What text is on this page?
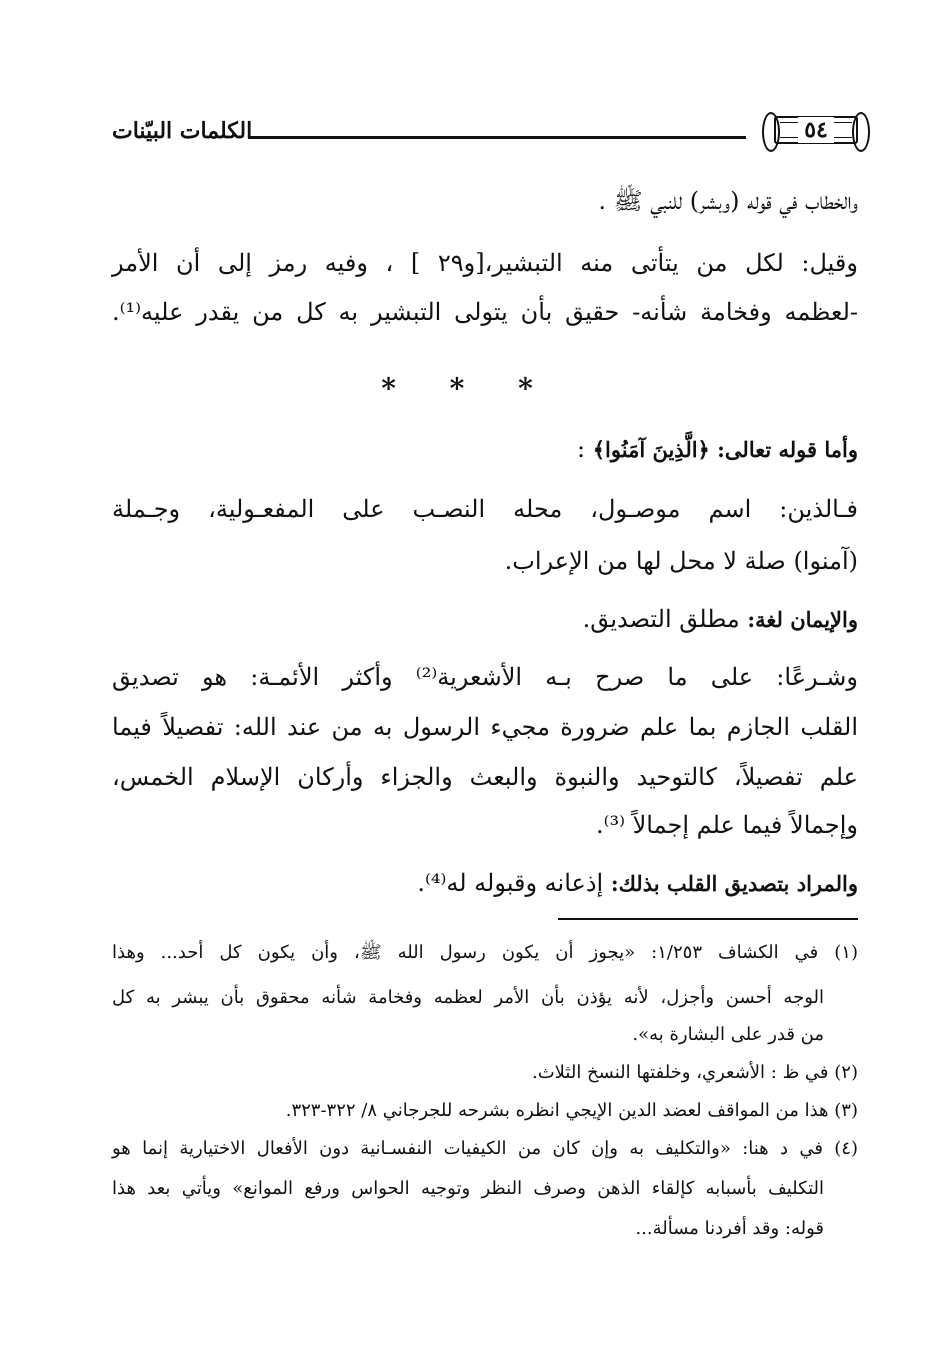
٥٤
الكلمات البيّنات
والخطاب في قوله (وبشر) للنبي ﷺ .
وقيل: لكل من يتأتى منه التبشير،[و٢٩ ] ، وفيه رمز إلى أن الأمر
-لعظمه وفخامة شأنه- حقيق بأن يتولى التبشير به كل من يقدر عليه⁽¹⁾.
* * *
وأما قوله تعالى: ﴿الَّذِينَ آمَنُوا﴾ :
فـالذين: اسم موصـول، محله النصـب على المفعـولية، وجـملة
(آمنوا) صلة لا محل لها من الإعراب.
والإيمان لغة: مطلق التصديق.
وشـرعًا: على ما صرح بـه الأشعرية⁽²⁾ وأكثر الأئمـة: هو تصديق
القلب الجازم بما علم ضرورة مجيء الرسول به من عند الله: تفصيلاً فيما
علم تفصيلاً، كالتوحيد والنبوة والبعث والجزاء وأركان الإسلام الخمس،
وإجمالاً فيما علم إجمالاً ⁽³⁾.
والمراد بتصديق القلب بذلك: إذعانه وقبوله له⁽⁴⁾.
(١) في الكشاف ١/٢٥٣: «يجوز أن يكون رسول الله ﷺ، وأن يكون كل أحد... وهذا
الوجه أحسن وأجزل، لأنه يؤذن بأن الأمر لعظمه وفخامة شأنه محقوق بأن يبشر به كل
من قدر على البشارة به».
(٢) في ظ : الأشعري، وخلفتها النسخ الثلاث.
(٣) هذا من المواقف لعضد الدين الإيجي انظره بشرحه للجرجاني ٨/ ٣٢٢-٣٢٣.
(٤) في د هنا: «والتكليف به وإن كان من الكيفيات النفسـانية دون الأفعال الاختيارية إنما هو
التكليف بأسبابه كإلقاء الذهن وصرف النظر وتوجيه الحواس ورفع الموانع» ويأتي بعد هذا
قوله: وقد أفردنا مسألة...
